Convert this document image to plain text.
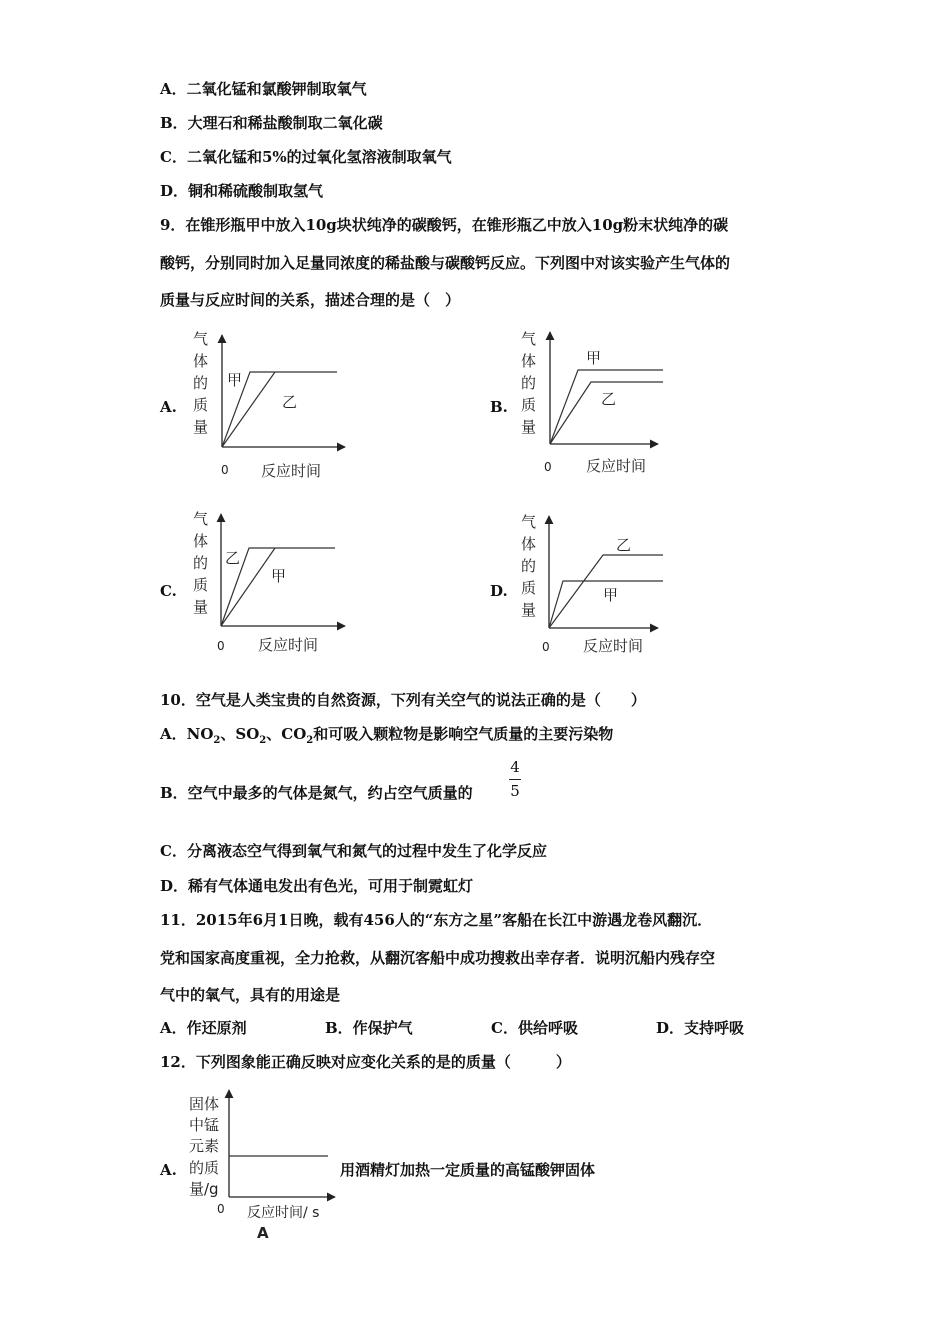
A．二氧化锰和氯酸钾制取氧气
B．大理石和稀盐酸制取二氧化碳
C．二氧化锰和5%的过氧化氢溶液制取氧气
D．铜和稀硫酸制取氢气
9．在锥形瓶甲中放入10g块状纯净的碳酸钙，在锥形瓶乙中放入10g粉末状纯净的碳
酸钙，分别同时加入足量同浓度的稀盐酸与碳酸钙反应。下列图中对该实验产生气体的
质量与反应时间的关系，描述合理的是（　）
A.	B.
C.	D.
气
体
的
质
量
0 反应时间
甲
乙
气
体
的
质
量
0 反应时间
甲
乙
气
体
的
质
量
0 反应时间
乙
甲
气
体
的
质
量
0 反应时间
乙
甲
10．空气是人类宝贵的自然资源，下列有关空气的说法正确的是（　　）
A．$NO_2$、$SO_2$、$CO_2$和可吸入颗粒物是影响空气质量的主要污染物
B．空气中最多的气体是氮气，约占空气质量的
4
5
C．分离液态空气得到氧气和氮气的过程中发生了化学反应
D．稀有气体通电发出有色光，可用于制霓虹灯
11．2015年6月1日晚，载有456人的“东方之星”客船在长江中游遇龙卷风翻沉．
党和国家高度重视，全力抢救，从翻沉客船中成功搜救出幸存者．说明沉船内残存空
气中的氧气，具有的用途是
A．作还原剂	B．作保护气	C．供给呼吸	D．支持呼吸
12．下列图象能正确反映对应变化关系的是的质量（　　　）
A.
固体
中锰
元素
的质
量/g
0 反应时间/ s
A
用酒精灯加热一定质量的高锰酸钾固体
